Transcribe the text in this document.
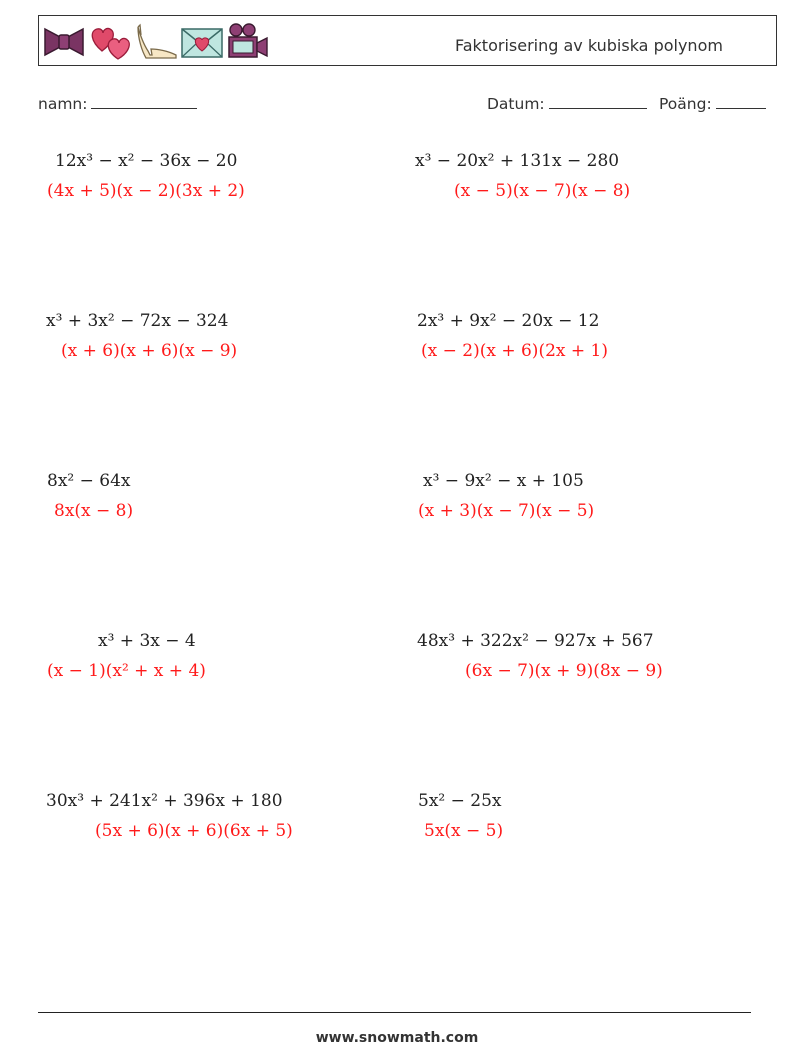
Faktorisering av kubiska polynom
namn:	Datum:	Poäng:
12x³ − x² − 36x − 20
(4x + 5)(x − 2)(3x + 2)
x³ − 20x² + 131x − 280
(x − 5)(x − 7)(x − 8)
x³ + 3x² − 72x − 324
(x + 6)(x + 6)(x − 9)
2x³ + 9x² − 20x − 12
(x − 2)(x + 6)(2x + 1)
8x² − 64x
8x(x − 8)
x³ − 9x² − x + 105
(x + 3)(x − 7)(x − 5)
x³ + 3x − 4
(x − 1)(x² + x + 4)
48x³ + 322x² − 927x + 567
(6x − 7)(x + 9)(8x − 9)
30x³ + 241x² + 396x + 180
(5x + 6)(x + 6)(6x + 5)
5x² − 25x
5x(x − 5)
www.snowmath.com
